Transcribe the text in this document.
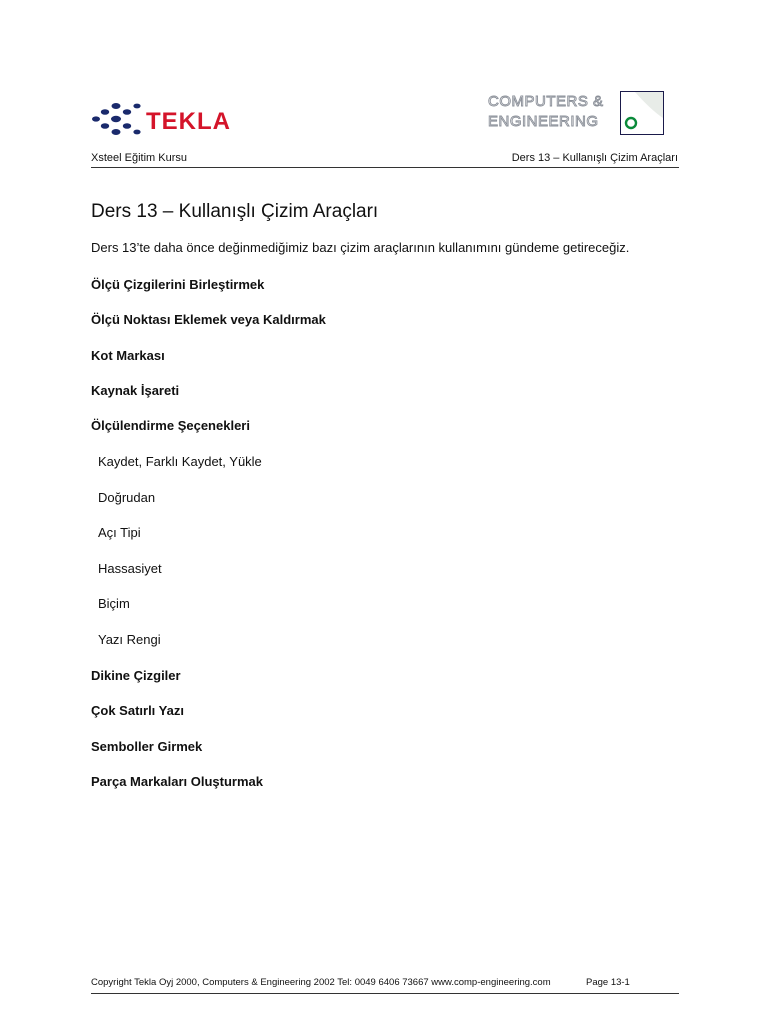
TEKLA
COMPUTERS &
ENGINEERING
Xsteel Eğitim Kursu	Ders 13 – Kullanışlı Çizim Araçları
Ders 13 – Kullanışlı Çizim Araçları
Ders 13’te daha önce değinmediğimiz bazı çizim araçlarının kullanımını gündeme getireceğiz.
Ölçü Çizgilerini Birleştirmek
Ölçü Noktası Eklemek veya Kaldırmak
Kot Markası
Kaynak İşareti
Ölçülendirme Şeçenekleri
Kaydet, Farklı Kaydet, Yükle
Doğrudan
Açı Tipi
Hassasiyet
Biçim
Yazı Rengi
Dikine Çizgiler
Çok Satırlı Yazı
Semboller Girmek
Parça Markaları Oluşturmak
Copyright Tekla Oyj 2000, Computers & Engineering 2002 Tel: 0049 6406 73667 www.comp-engineering.com	Page 13-1
